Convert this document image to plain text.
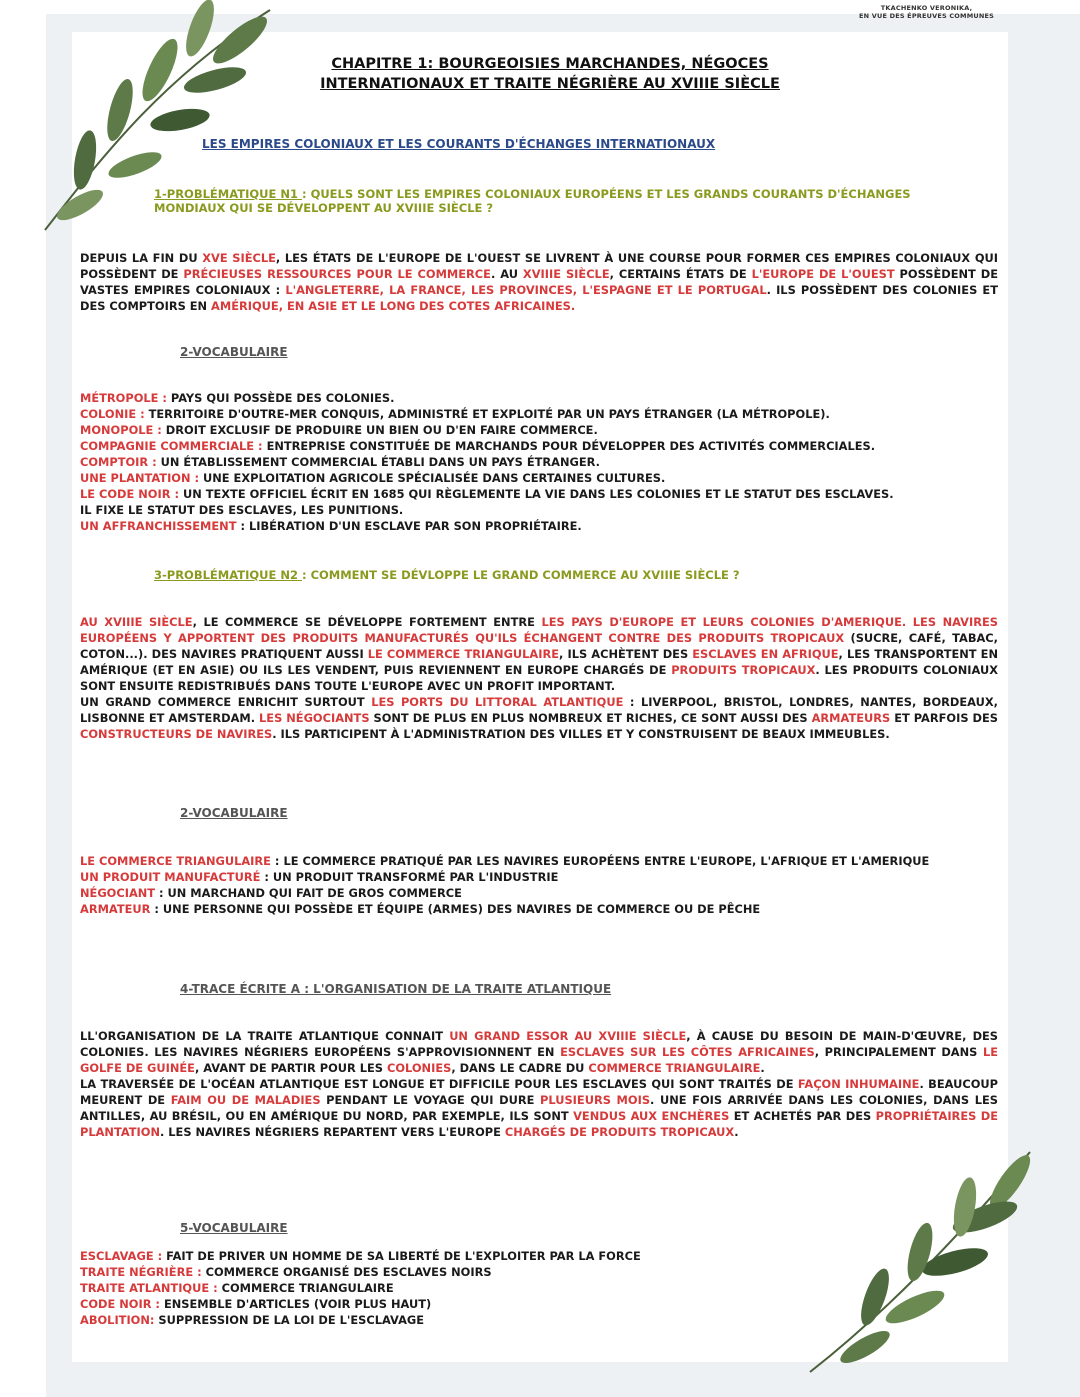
TKACHENKO VERONIKA,
EN VUE DES ÉPREUVES COMMUNES
CHAPITRE 1: BOURGEOISIES MARCHANDES, NÉGOCES
INTERNATIONAUX ET TRAITE NÉGRIÈRE AU XVIIIE SIÈCLE
LES EMPIRES COLONIAUX ET LES COURANTS D'ÉCHANGES INTERNATIONAUX
1-PROBLÉMATIQUE N1 : QUELS SONT LES EMPIRES COLONIAUX EUROPÉENS ET LES GRANDS COURANTS D'ÉCHANGES MONDIAUX QUI SE DÉVELOPPENT AU XVIIIE SIÈCLE ?
DEPUIS LA FIN DU XVE SIÈCLE, LES ÉTATS DE L'EUROPE DE L'OUEST SE LIVRENT À UNE COURSE POUR FORMER CES EMPIRES COLONIAUX QUI POSSÈDENT DE PRÉCIEUSES RESSOURCES POUR LE COMMERCE. AU XVIIIE SIÈCLE, CERTAINS ÉTATS DE L'EUROPE DE L'OUEST POSSÈDENT DE VASTES EMPIRES COLONIAUX : L'ANGLETERRE, LA FRANCE, LES PROVINCES, L'ESPAGNE ET LE PORTUGAL. ILS POSSÈDENT DES COLONIES ET DES COMPTOIRS EN AMÉRIQUE, EN ASIE ET LE LONG DES COTES AFRICAINES.
2-VOCABULAIRE
MÉTROPOLE : PAYS QUI POSSÈDE DES COLONIES.
COLONIE : TERRITOIRE D'OUTRE-MER CONQUIS, ADMINISTRÉ ET EXPLOITÉ PAR UN PAYS ÉTRANGER (LA MÉTROPOLE).
MONOPOLE : DROIT EXCLUSIF DE PRODUIRE UN BIEN OU D'EN FAIRE COMMERCE.
COMPAGNIE COMMERCIALE : ENTREPRISE CONSTITUÉE DE MARCHANDS POUR DÉVELOPPER DES ACTIVITÉS COMMERCIALES.
COMPTOIR : UN ÉTABLISSEMENT COMMERCIAL ÉTABLI DANS UN PAYS ÉTRANGER.
UNE PLANTATION : UNE EXPLOITATION AGRICOLE SPÉCIALISÉE DANS CERTAINES CULTURES.
LE CODE NOIR : UN TEXTE OFFICIEL ÉCRIT EN 1685 QUI RÈGLEMENTE LA VIE DANS LES COLONIES ET LE STATUT DES ESCLAVES.
IL FIXE LE STATUT DES ESCLAVES, LES PUNITIONS.
UN AFFRANCHISSEMENT : LIBÉRATION D'UN ESCLAVE PAR SON PROPRIÉTAIRE.
3-PROBLÉMATIQUE N2 : COMMENT SE DÉVLOPPE LE GRAND COMMERCE AU XVIIIE SIÈCLE ?
AU XVIIIE SIÈCLE, LE COMMERCE SE DÉVELOPPE FORTEMENT ENTRE LES PAYS D'EUROPE ET LEURS COLONIES D'AMERIQUE. LES NAVIRES EUROPÉENS Y APPORTENT DES PRODUITS MANUFACTURÉS QU'ILS ÉCHANGENT CONTRE DES PRODUITS TROPICAUX (SUCRE, CAFÉ, TABAC, COTON...). DES NAVIRES PRATIQUENT AUSSI LE COMMERCE TRIANGULAIRE, ILS ACHÈTENT DES ESCLAVES EN AFRIQUE, LES TRANSPORTENT EN AMÉRIQUE (ET EN ASIE) OU ILS LES VENDENT, PUIS REVIENNENT EN EUROPE CHARGÉS DE PRODUITS TROPICAUX. LES PRODUITS COLONIAUX SONT ENSUITE REDISTRIBUÉS DANS TOUTE L'EUROPE AVEC UN PROFIT IMPORTANT.
UN GRAND COMMERCE ENRICHIT SURTOUT LES PORTS DU LITTORAL ATLANTIQUE : LIVERPOOL, BRISTOL, LONDRES, NANTES, BORDEAUX, LISBONNE ET AMSTERDAM. LES NÉGOCIANTS SONT DE PLUS EN PLUS NOMBREUX ET RICHES, CE SONT AUSSI DES ARMATEURS ET PARFOIS DES CONSTRUCTEURS DE NAVIRES. ILS PARTICIPENT À L'ADMINISTRATION DES VILLES ET Y CONSTRUISENT DE BEAUX IMMEUBLES.
2-VOCABULAIRE
LE COMMERCE TRIANGULAIRE : LE COMMERCE PRATIQUÉ PAR LES NAVIRES EUROPÉENS ENTRE L'EUROPE, L'AFRIQUE ET L'AMERIQUE
UN PRODUIT MANUFACTURÉ : UN PRODUIT TRANSFORMÉ PAR L'INDUSTRIE
NÉGOCIANT : UN MARCHAND QUI FAIT DE GROS COMMERCE
ARMATEUR : UNE PERSONNE QUI POSSÈDE ET ÉQUIPE (ARMES) DES NAVIRES DE COMMERCE OU DE PÊCHE
4-TRACE ÉCRITE A : L'ORGANISATION DE LA TRAITE ATLANTIQUE
LL'ORGANISATION DE LA TRAITE ATLANTIQUE CONNAIT UN GRAND ESSOR AU XVIIIE SIÈCLE, À CAUSE DU BESOIN DE MAIN-D'ŒUVRE, DES COLONIES. LES NAVIRES NÉGRIERS EUROPÉENS S'APPROVISIONNENT EN ESCLAVES SUR LES CÔTES AFRICAINES, PRINCIPALEMENT DANS LE GOLFE DE GUINÉE, AVANT DE PARTIR POUR LES COLONIES, DANS LE CADRE DU COMMERCE TRIANGULAIRE.
LA TRAVERSÉE DE L'OCÉAN ATLANTIQUE EST LONGUE ET DIFFICILE POUR LES ESCLAVES QUI SONT TRAITÉS DE FAÇON INHUMAINE. BEAUCOUP MEURENT DE FAIM OU DE MALADIES PENDANT LE VOYAGE QUI DURE PLUSIEURS MOIS. UNE FOIS ARRIVÉE DANS LES COLONIES, DANS LES ANTILLES, AU BRÉSIL, OU EN AMÉRIQUE DU NORD, PAR EXEMPLE, ILS SONT VENDUS AUX ENCHÈRES ET ACHETÉS PAR DES PROPRIÉTAIRES DE PLANTATION. LES NAVIRES NÉGRIERS REPARTENT VERS L'EUROPE CHARGÉS DE PRODUITS TROPICAUX.
5-VOCABULAIRE
ESCLAVAGE : FAIT DE PRIVER UN HOMME DE SA LIBERTÉ DE L'EXPLOITER PAR LA FORCE
TRAITE NÉGRIÈRE : COMMERCE ORGANISÉ DES ESCLAVES NOIRS
TRAITE ATLANTIQUE : COMMERCE TRIANGULAIRE
CODE NOIR : ENSEMBLE D'ARTICLES (VOIR PLUS HAUT)
ABOLITION: SUPPRESSION DE LA LOI DE L'ESCLAVAGE
